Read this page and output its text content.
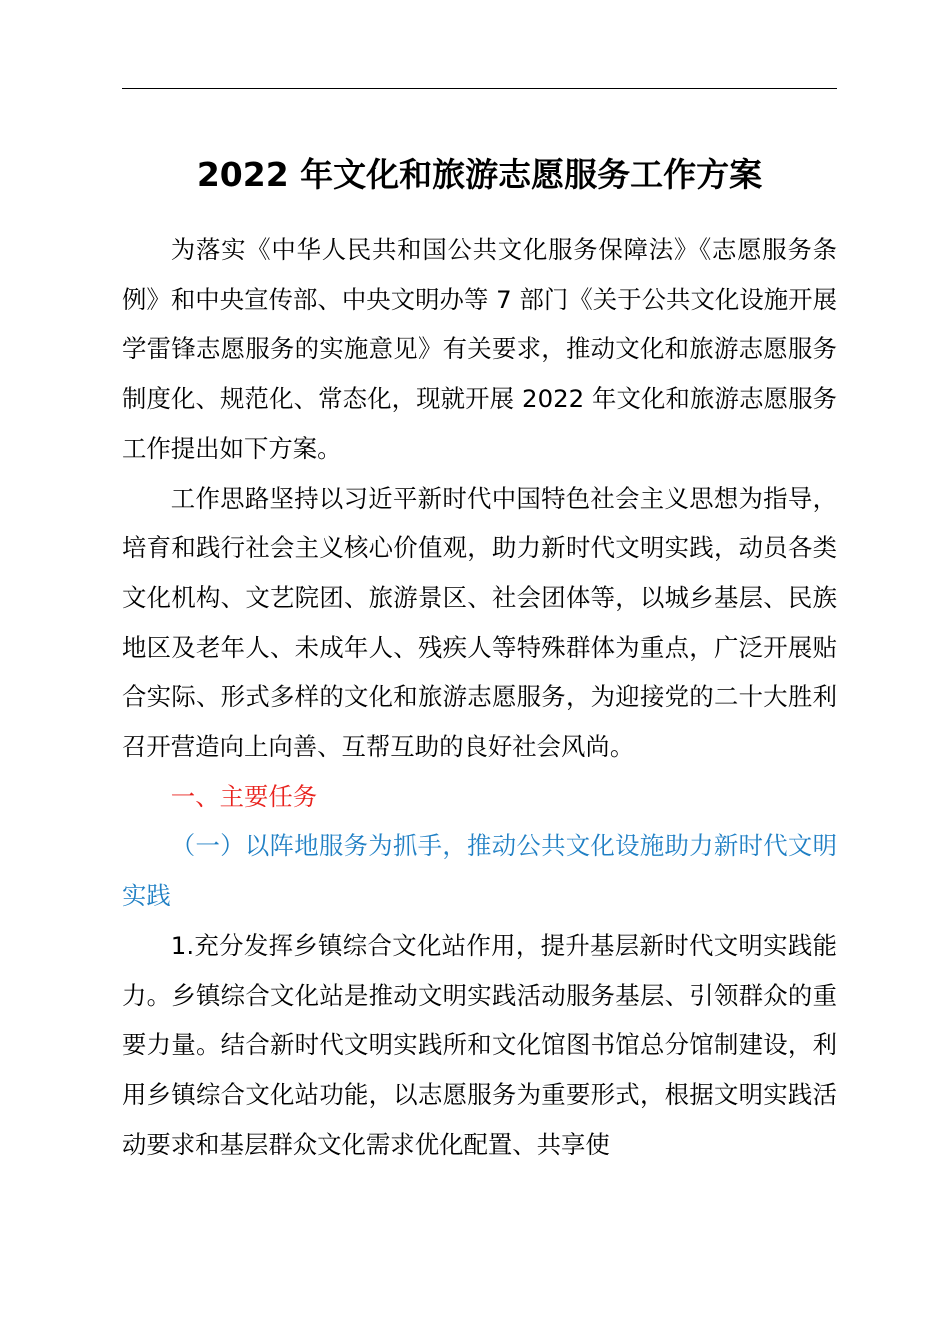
2022 年文化和旅游志愿服务工作方案

为落实《中华人民共和国公共文化服务保障法》《志愿服务条例》和中央宣传部、中央文明办等 7 部门《关于公共文化设施开展学雷锋志愿服务的实施意见》有关要求，推动文化和旅游志愿服务制度化、规范化、常态化，现就开展 2022 年文化和旅游志愿服务工作提出如下方案。

工作思路坚持以习近平新时代中国特色社会主义思想为指导，培育和践行社会主义核心价值观，助力新时代文明实践，动员各类文化机构、文艺院团、旅游景区、社会团体等，以城乡基层、民族地区及老年人、未成年人、残疾人等特殊群体为重点，广泛开展贴合实际、形式多样的文化和旅游志愿服务，为迎接党的二十大胜利召开营造向上向善、互帮互助的良好社会风尚。

一、主要任务

（一）以阵地服务为抓手，推动公共文化设施助力新时代文明实践

1.充分发挥乡镇综合文化站作用，提升基层新时代文明实践能力。乡镇综合文化站是推动文明实践活动服务基层、引领群众的重要力量。结合新时代文明实践所和文化馆图书馆总分馆制建设，利用乡镇综合文化站功能，以志愿服务为重要形式，根据文明实践活动要求和基层群众文化需求优化配置、共享使
